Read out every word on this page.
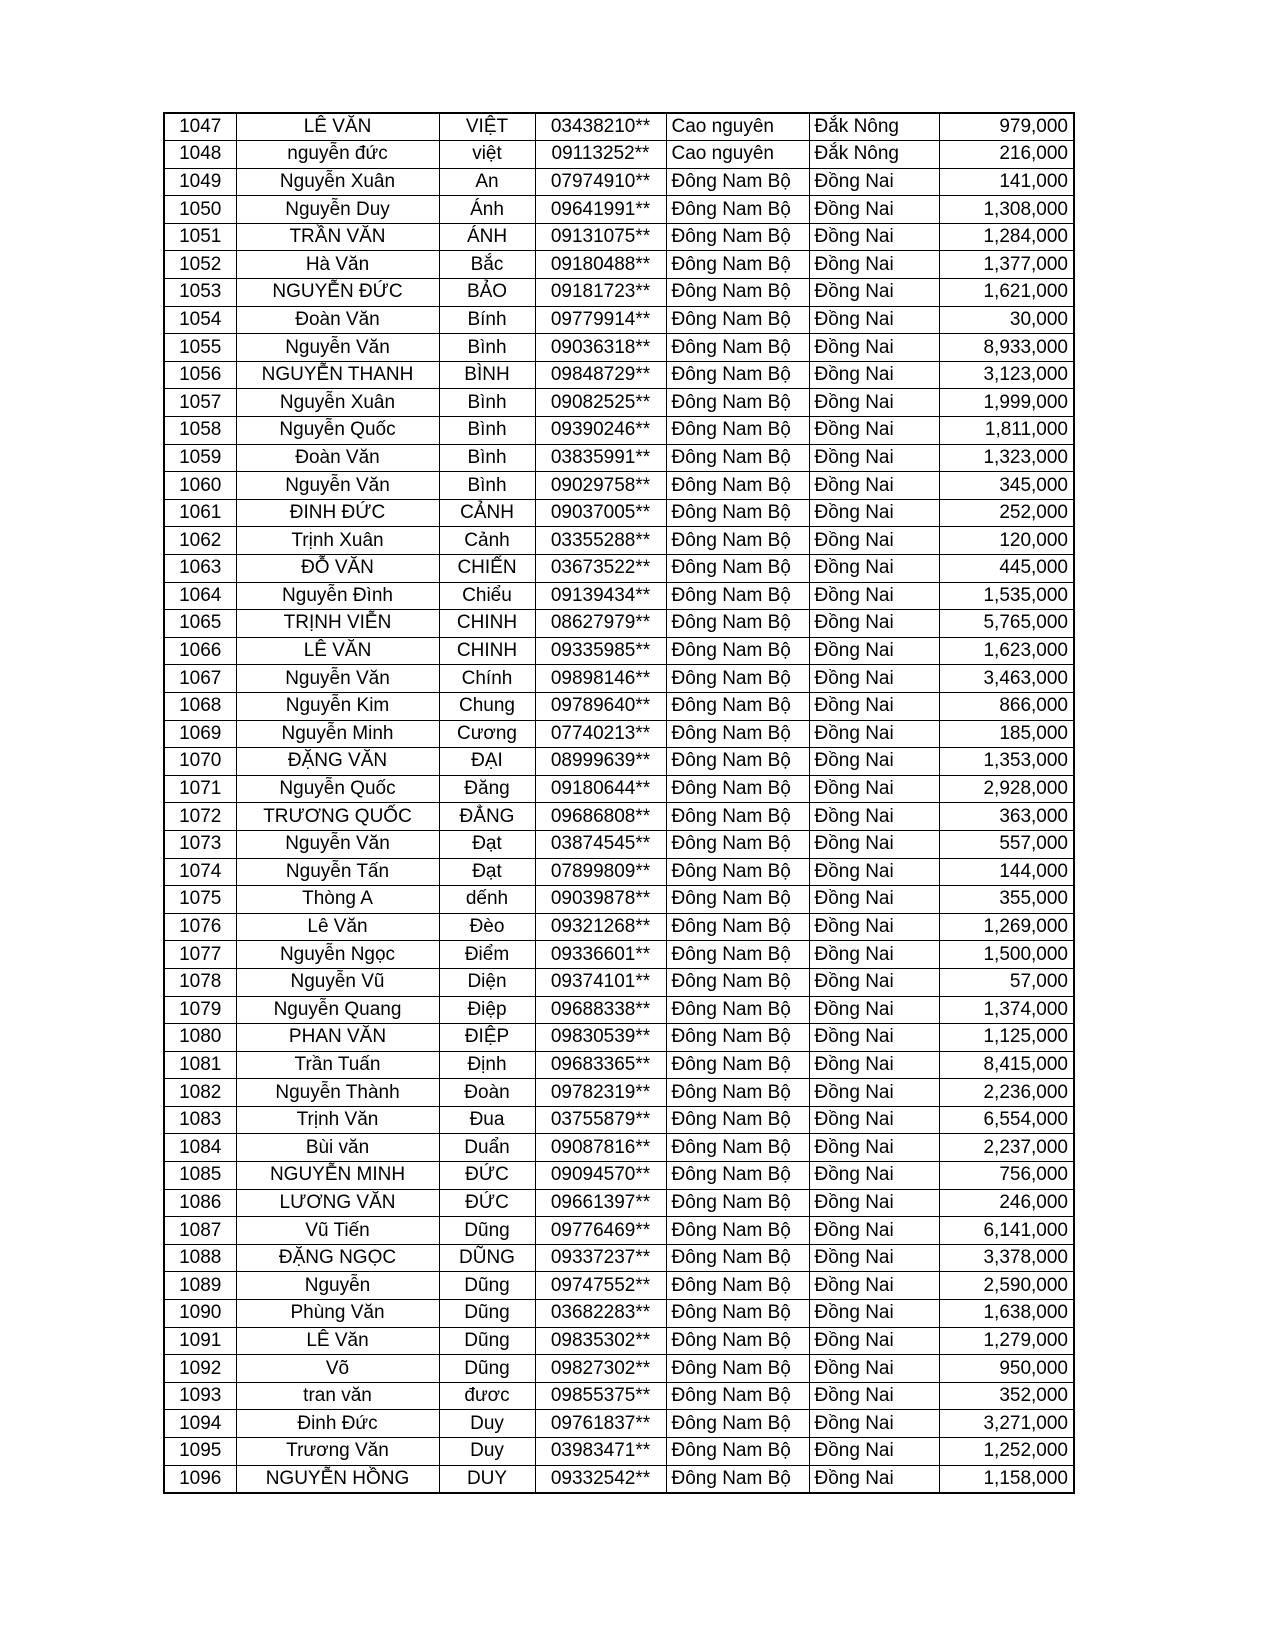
1047	LÊ VĂN	VIỆT	03438210**	Cao nguyên	Đắk Nông	979,000
1048	nguyễn đức	việt	09113252**	Cao nguyên	Đắk Nông	216,000
1049	Nguyễn Xuân	An	07974910**	Đông Nam Bộ	Đồng Nai	141,000
1050	Nguyễn Duy	Ánh	09641991**	Đông Nam Bộ	Đồng Nai	1,308,000
1051	TRẦN VĂN	ÁNH	09131075**	Đông Nam Bộ	Đồng Nai	1,284,000
1052	Hà Văn	Bắc	09180488**	Đông Nam Bộ	Đồng Nai	1,377,000
1053	NGUYỄN ĐỨC	BẢO	09181723**	Đông Nam Bộ	Đồng Nai	1,621,000
1054	Đoàn Văn	Bính	09779914**	Đông Nam Bộ	Đồng Nai	30,000
1055	Nguyễn Văn	Bình	09036318**	Đông Nam Bộ	Đồng Nai	8,933,000
1056	NGUYỄN THANH	BÌNH	09848729**	Đông Nam Bộ	Đồng Nai	3,123,000
1057	Nguyễn Xuân	Bình	09082525**	Đông Nam Bộ	Đồng Nai	1,999,000
1058	Nguyễn Quốc	Bình	09390246**	Đông Nam Bộ	Đồng Nai	1,811,000
1059	Đoàn Văn	Bình	03835991**	Đông Nam Bộ	Đồng Nai	1,323,000
1060	Nguyễn Văn	Bình	09029758**	Đông Nam Bộ	Đồng Nai	345,000
1061	ĐINH ĐỨC	CẢNH	09037005**	Đông Nam Bộ	Đồng Nai	252,000
1062	Trịnh Xuân	Cảnh	03355288**	Đông Nam Bộ	Đồng Nai	120,000
1063	ĐỖ VĂN	CHIẾN	03673522**	Đông Nam Bộ	Đồng Nai	445,000
1064	Nguyễn Đình	Chiểu	09139434**	Đông Nam Bộ	Đồng Nai	1,535,000
1065	TRỊNH VIỄN	CHINH	08627979**	Đông Nam Bộ	Đồng Nai	5,765,000
1066	LÊ VĂN	CHINH	09335985**	Đông Nam Bộ	Đồng Nai	1,623,000
1067	Nguyễn Văn	Chính	09898146**	Đông Nam Bộ	Đồng Nai	3,463,000
1068	Nguyễn Kim	Chung	09789640**	Đông Nam Bộ	Đồng Nai	866,000
1069	Nguyễn Minh	Cương	07740213**	Đông Nam Bộ	Đồng Nai	185,000
1070	ĐẶNG VĂN	ĐẠI	08999639**	Đông Nam Bộ	Đồng Nai	1,353,000
1071	Nguyễn Quốc	Đăng	09180644**	Đông Nam Bộ	Đồng Nai	2,928,000
1072	TRƯƠNG QUỐC	ĐẲNG	09686808**	Đông Nam Bộ	Đồng Nai	363,000
1073	Nguyễn Văn	Đạt	03874545**	Đông Nam Bộ	Đồng Nai	557,000
1074	Nguyễn Tấn	Đạt	07899809**	Đông Nam Bộ	Đồng Nai	144,000
1075	Thòng A	dếnh	09039878**	Đông Nam Bộ	Đồng Nai	355,000
1076	Lê Văn	Đèo	09321268**	Đông Nam Bộ	Đồng Nai	1,269,000
1077	Nguyễn Ngọc	Điểm	09336601**	Đông Nam Bộ	Đồng Nai	1,500,000
1078	Nguyễn Vũ	Diện	09374101**	Đông Nam Bộ	Đồng Nai	57,000
1079	Nguyễn Quang	Điệp	09688338**	Đông Nam Bộ	Đồng Nai	1,374,000
1080	PHAN VĂN	ĐIỆP	09830539**	Đông Nam Bộ	Đồng Nai	1,125,000
1081	Trần Tuấn	Định	09683365**	Đông Nam Bộ	Đồng Nai	8,415,000
1082	Nguyễn Thành	Đoàn	09782319**	Đông Nam Bộ	Đồng Nai	2,236,000
1083	Trịnh Văn	Đua	03755879**	Đông Nam Bộ	Đồng Nai	6,554,000
1084	Bùi văn	Duẩn	09087816**	Đông Nam Bộ	Đồng Nai	2,237,000
1085	NGUYỄN MINH	ĐỨC	09094570**	Đông Nam Bộ	Đồng Nai	756,000
1086	LƯƠNG VĂN	ĐỨC	09661397**	Đông Nam Bộ	Đồng Nai	246,000
1087	Vũ Tiến	Dũng	09776469**	Đông Nam Bộ	Đồng Nai	6,141,000
1088	ĐẶNG NGỌC	DŨNG	09337237**	Đông Nam Bộ	Đồng Nai	3,378,000
1089	Nguyễn	Dũng	09747552**	Đông Nam Bộ	Đồng Nai	2,590,000
1090	Phùng Văn	Dũng	03682283**	Đông Nam Bộ	Đồng Nai	1,638,000
1091	LÊ Văn	Dũng	09835302**	Đông Nam Bộ	Đồng Nai	1,279,000
1092	Võ	Dũng	09827302**	Đông Nam Bộ	Đồng Nai	950,000
1093	tran văn	đươc	09855375**	Đông Nam Bộ	Đồng Nai	352,000
1094	Đinh Đức	Duy	09761837**	Đông Nam Bộ	Đồng Nai	3,271,000
1095	Trương Văn	Duy	03983471**	Đông Nam Bộ	Đồng Nai	1,252,000
1096	NGUYỄN HỒNG	DUY	09332542**	Đông Nam Bộ	Đồng Nai	1,158,000
